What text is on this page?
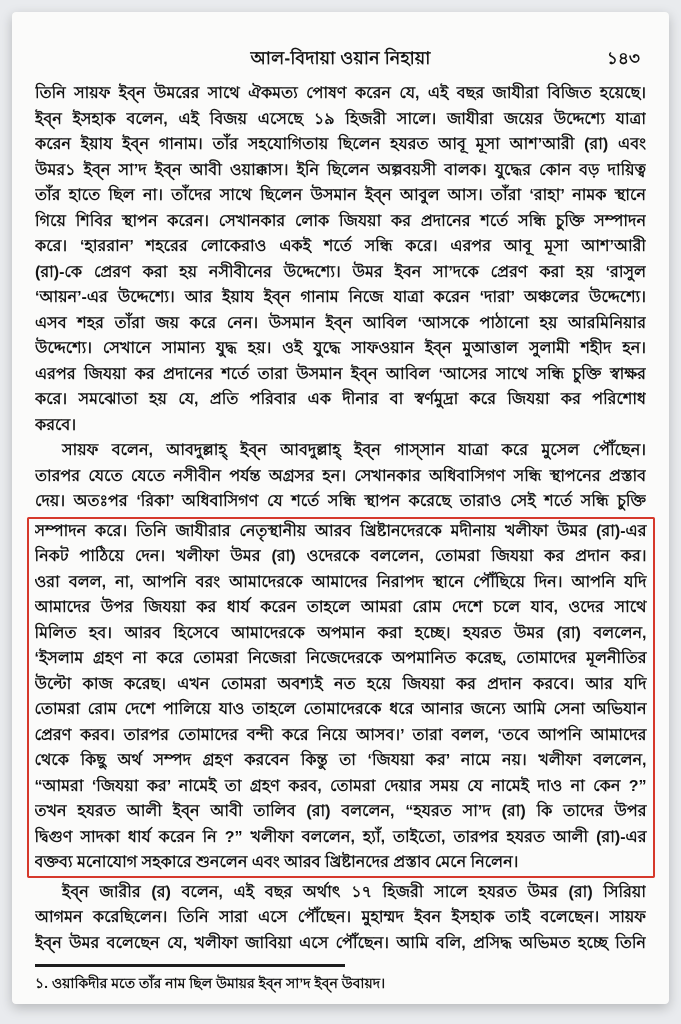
আল-বিদায়া ওয়ান নিহায়া	১৪৩
তিনি সায়ফ ইব্‌ন উমরের সাথে ঐকমত্য পোষণ করেন যে, এই বছর জাযীরা বিজিত হয়েছে।
ইব্‌ন ইসহাক বলেন, এই বিজয় এসেছে ১৯ হিজরী সালে। জাযীরা জয়ের উদ্দেশ্যে যাত্রা
করেন ইয়ায ইব্‌ন গানাম। তাঁর সহযোগিতায় ছিলেন হযরত আবূ মূসা আশ’আরী (রা) এবং
উমর১ ইব্‌ন সা’দ ইব্‌ন আবী ওয়াক্কাস। ইনি ছিলেন অল্পবয়সী বালক। যুদ্ধের কোন বড় দায়িত্ব
তাঁর হাতে ছিল না। তাঁদের সাথে ছিলেন উসমান ইব্‌ন আবুল আস। তাঁরা ‘রাহা’ নামক স্থানে
গিয়ে শিবির স্থাপন করেন। সেখানকার লোক জিযয়া কর প্রদানের শর্তে সন্ধি চুক্তি সম্পাদন
করে। ‘হাররান’ শহরের লোকেরাও একই শর্তে সন্ধি করে। এরপর আবূ মূসা আশ’আরী
(রা)-কে প্রেরণ করা হয় নসীবীনের উদ্দেশ্যে। উমর ইবন সা’দকে প্রেরণ করা হয় ‘রাসুল
‘আয়ন’-এর উদ্দেশ্যে। আর ইয়ায ইব্‌ন গানাম নিজে যাত্রা করেন ‘দারা’ অঞ্চলের উদ্দেশ্যে।
এসব শহর তাঁরা জয় করে নেন। উসমান ইব্‌ন আবিল ‘আসকে পাঠানো হয় আরমিনিয়ার
উদ্দেশ্যে। সেখানে সামান্য যুদ্ধ হয়। ওই যুদ্ধে সাফওয়ান ইব্‌ন মুআত্তাল সুলামী শহীদ হন।
এরপর জিযয়া কর প্রদানের শর্তে তারা উসমান ইব্‌ন আবিল ‘আসের সাথে সন্ধি চুক্তি স্বাক্ষর
করে। সমঝোতা হয় যে, প্রতি পরিবার এক দীনার বা স্বর্ণমুদ্রা করে জিযয়া কর পরিশোধ
করবে।
সায়ফ বলেন, আবদুল্লাহ্ ইব্‌ন আবদুল্লাহ্ ইব্‌ন গাস্‌সান যাত্রা করে মুসেল পৌঁছেন।
তারপর যেতে যেতে নসীবীন পর্যন্ত অগ্রসর হন। সেখানকার অধিবাসিগণ সন্ধি স্থাপনের প্রস্তাব
দেয়। অতঃপর ‘রিকা’ অধিবাসিগণ যে শর্তে সন্ধি স্থাপন করেছে তারাও সেই শর্তে সন্ধি চুক্তি
সম্পাদন করে। তিনি জাযীরার নেতৃস্থানীয় আরব খ্রিষ্টানদেরকে মদীনায় খলীফা উমর (রা)-এর
নিকট পাঠিয়ে দেন। খলীফা উমর (রা) ওদেরকে বললেন, তোমরা জিযয়া কর প্রদান কর।
ওরা বলল, না, আপনি বরং আমাদেরকে আমাদের নিরাপদ স্থানে পৌঁছিয়ে দিন। আপনি যদি
আমাদের উপর জিযয়া কর ধার্য করেন তাহলে আমরা রোম দেশে চলে যাব, ওদের সাথে
মিলিত হব। আরব হিসেবে আমাদেরকে অপমান করা হচ্ছে। হযরত উমর (রা) বললেন,
‘ইসলাম গ্রহণ না করে তোমরা নিজেরা নিজেদেরকে অপমানিত করেছ, তোমাদের মূলনীতির
উল্টো কাজ করেছ। এখন তোমরা অবশ্যই নত হয়ে জিযয়া কর প্রদান করবে। আর যদি
তোমরা রোম দেশে পালিয়ে যাও তাহলে তোমাদেরকে ধরে আনার জন্যে আমি সেনা অভিযান
প্রেরণ করব। তারপর তোমাদের বন্দী করে নিয়ে আসব।’ তারা বলল, ‘তবে আপনি আমাদের
থেকে কিছু অর্থ সম্পদ গ্রহণ করবেন কিন্তু তা ‘জিযয়া কর’ নামে নয়। খলীফা বললেন,
“আমরা ‘জিযয়া কর’ নামেই তা গ্রহণ করব, তোমরা দেয়ার সময় যে নামেই দাও না কেন ?”
তখন হযরত আলী ইব্‌ন আবী তালিব (রা) বললেন, “হযরত সা’দ (রা) কি তাদের উপর
দ্বিগুণ সাদকা ধার্য করেন নি ?” খলীফা বললেন, হ্যাঁ, তাইতো, তারপর হযরত আলী (রা)-এর
বক্তব্য মনোযোগ সহকারে শুনলেন এবং আরব খ্রিষ্টানদের প্রস্তাব মেনে নিলেন।
ইব্‌ন জারীর (র) বলেন, এই বছর অর্থাৎ ১৭ হিজরী সালে হযরত উমর (রা) সিরিয়া
আগমন করেছিলেন। তিনি সারা এসে পৌঁছেন। মুহাম্মদ ইবন ইসহাক তাই বলেছেন। সায়ফ
ইব্‌ন উমর বলেছেন যে, খলীফা জাবিয়া এসে পৌঁছেন। আমি বলি, প্রসিদ্ধ অভিমত হচ্ছে তিনি
১. ওয়াকিদীর মতে তাঁর নাম ছিল উমায়র ইব্‌ন সা’দ ইব্‌ন উবায়দ।
